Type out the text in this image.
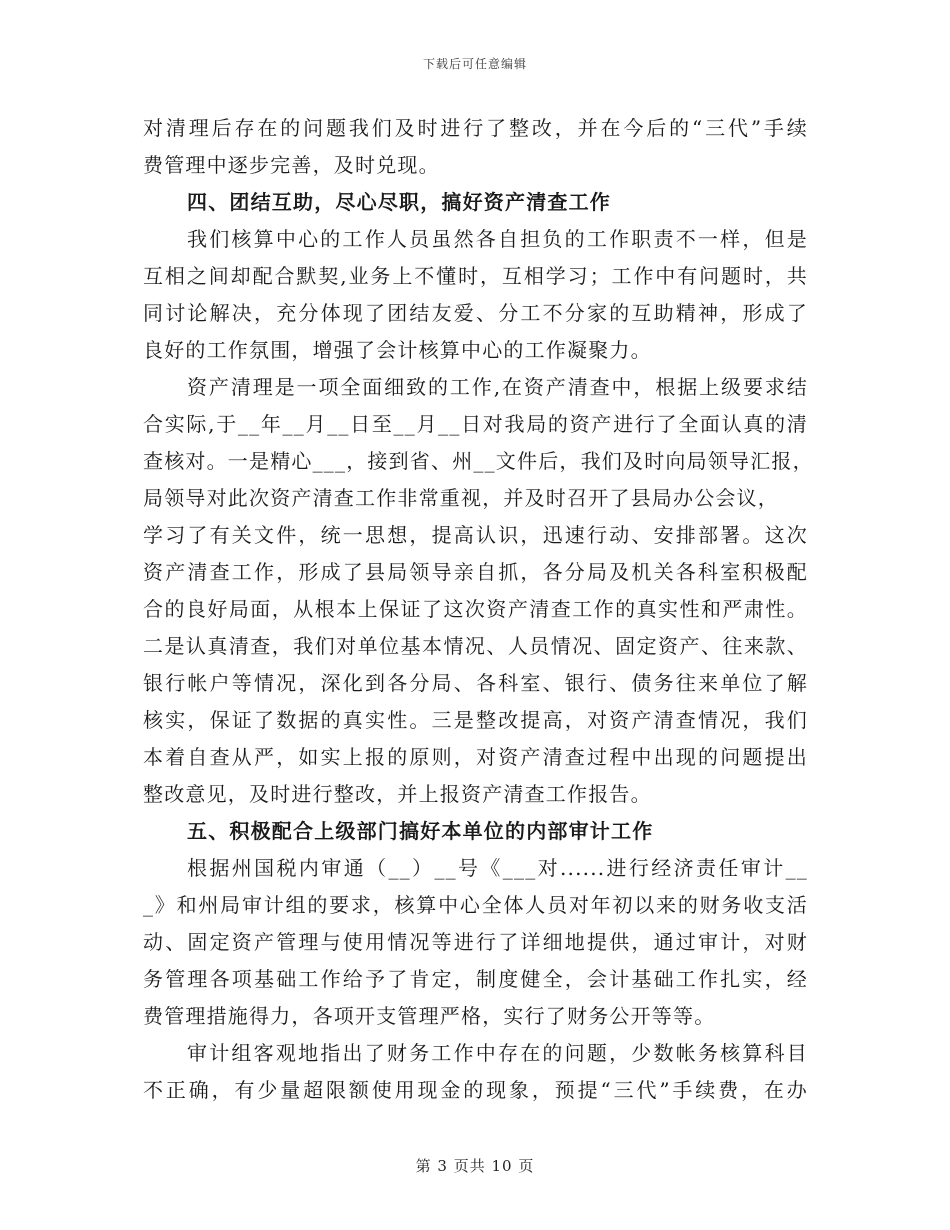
下载后可任意编辑
对清理后存在的问题我们及时进行了整改，并在今后的“三代”手续
费管理中逐步完善，及时兑现。
四、团结互助，尽心尽职，搞好资产清查工作
我们核算中心的工作人员虽然各自担负的工作职责不一样，但是
互相之间却配合默契,业务上不懂时，互相学习；工作中有问题时，共
同讨论解决，充分体现了团结友爱、分工不分家的互助精神，形成了
良好的工作氛围，增强了会计核算中心的工作凝聚力。
资产清理是一项全面细致的工作,在资产清查中，根据上级要求结
合实际,于__年__月__日至__月__日对我局的资产进行了全面认真的清
查核对。一是精心___，接到省、州__文件后，我们及时向局领导汇报，
局领导对此次资产清查工作非常重视，并及时召开了县局办公会议，
学习了有关文件，统一思想，提高认识，迅速行动、安排部署。这次
资产清查工作，形成了县局领导亲自抓，各分局及机关各科室积极配
合的良好局面，从根本上保证了这次资产清查工作的真实性和严肃性。
二是认真清查，我们对单位基本情况、人员情况、固定资产、往来款、
银行帐户等情况，深化到各分局、各科室、银行、债务往来单位了解
核实，保证了数据的真实性。三是整改提高，对资产清查情况，我们
本着自查从严，如实上报的原则，对资产清查过程中出现的问题提出
整改意见，及时进行整改，并上报资产清查工作报告。
五、积极配合上级部门搞好本单位的内部审计工作
根据州国税内审通（__）__号《___对......进行经济责任审计__
_》和州局审计组的要求，核算中心全体人员对年初以来的财务收支活
动、固定资产管理与使用情况等进行了详细地提供，通过审计，对财
务管理各项基础工作给予了肯定，制度健全，会计基础工作扎实，经
费管理措施得力，各项开支管理严格，实行了财务公开等等。
审计组客观地指出了财务工作中存在的问题，少数帐务核算科目
不正确，有少量超限额使用现金的现象，预提“三代”手续费，在办
第 3 页共 10 页
